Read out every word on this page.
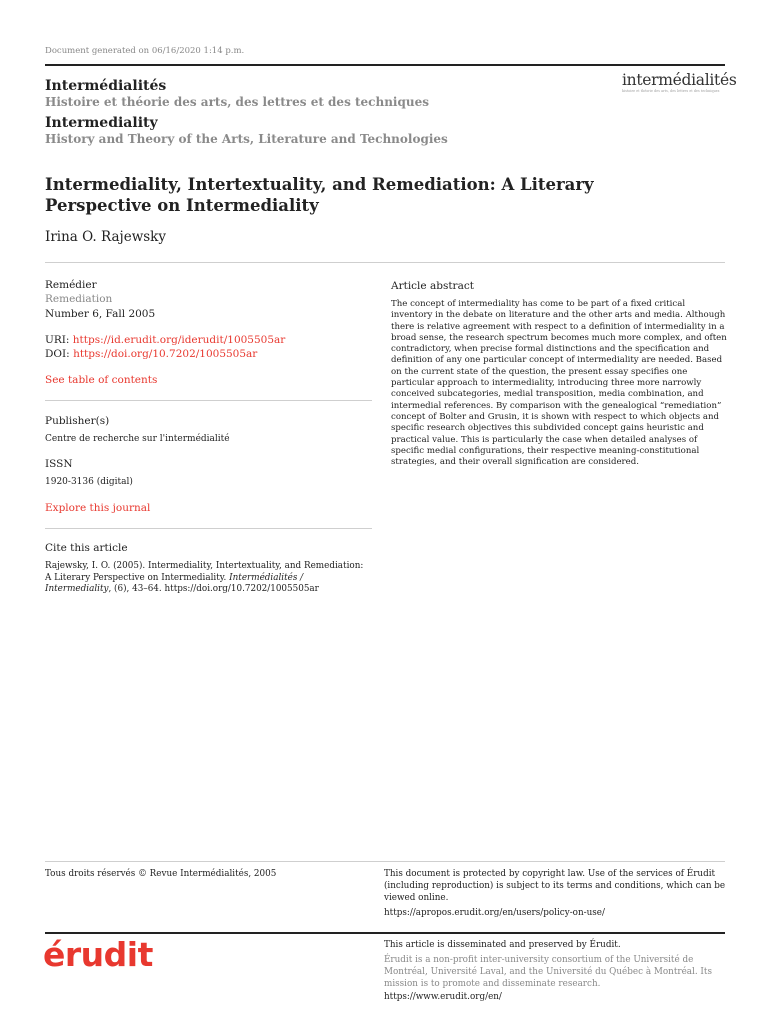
Document generated on 06/16/2020 1:14 p.m.
Intermédialités
Histoire et théorie des arts, des lettres et des techniques
Intermediality
History and Theory of the Arts, Literature and Technologies
intermédialités
histoire et théorie des arts, des lettres et des techniques
Intermediality, Intertextuality, and Remediation: A Literary Perspective on Intermediality
Irina O. Rajewsky
Remédier
Remediation
Number 6, Fall 2005
URI: https://id.erudit.org/iderudit/1005505ar
DOI: https://doi.org/10.7202/1005505ar
See table of contents
Publisher(s)
Centre de recherche sur l'intermédialité
ISSN
1920-3136 (digital)
Explore this journal
Cite this article
Rajewsky, I. O. (2005). Intermediality, Intertextuality, and Remediation: A Literary Perspective on Intermediality. Intermédialités / Intermediality, (6), 43–64. https://doi.org/10.7202/1005505ar
Article abstract
The concept of intermediality has come to be part of a fixed critical inventory in the debate on literature and the other arts and media. Although there is relative agreement with respect to a definition of intermediality in a broad sense, the research spectrum becomes much more complex, and often contradictory, when precise formal distinctions and the specification and definition of any one particular concept of intermediality are needed. Based on the current state of the question, the present essay specifies one particular approach to intermediality, introducing three more narrowly conceived subcategories, medial transposition, media combination, and intermedial references. By comparison with the genealogical “remediation” concept of Bolter and Grusin, it is shown with respect to which objects and specific research objectives this subdivided concept gains heuristic and practical value. This is particularly the case when detailed analyses of specific medial configurations, their respective meaning-constitutional strategies, and their overall signification are considered.
Tous droits réservés © Revue Intermédialités, 2005	This document is protected by copyright law. Use of the services of Érudit (including reproduction) is subject to its terms and conditions, which can be viewed online.
https://apropos.erudit.org/en/users/policy-on-use/
érudit	This article is disseminated and preserved by Érudit.
Érudit is a non-profit inter-university consortium of the Université de Montréal, Université Laval, and the Université du Québec à Montréal. Its mission is to promote and disseminate research.
https://www.erudit.org/en/
